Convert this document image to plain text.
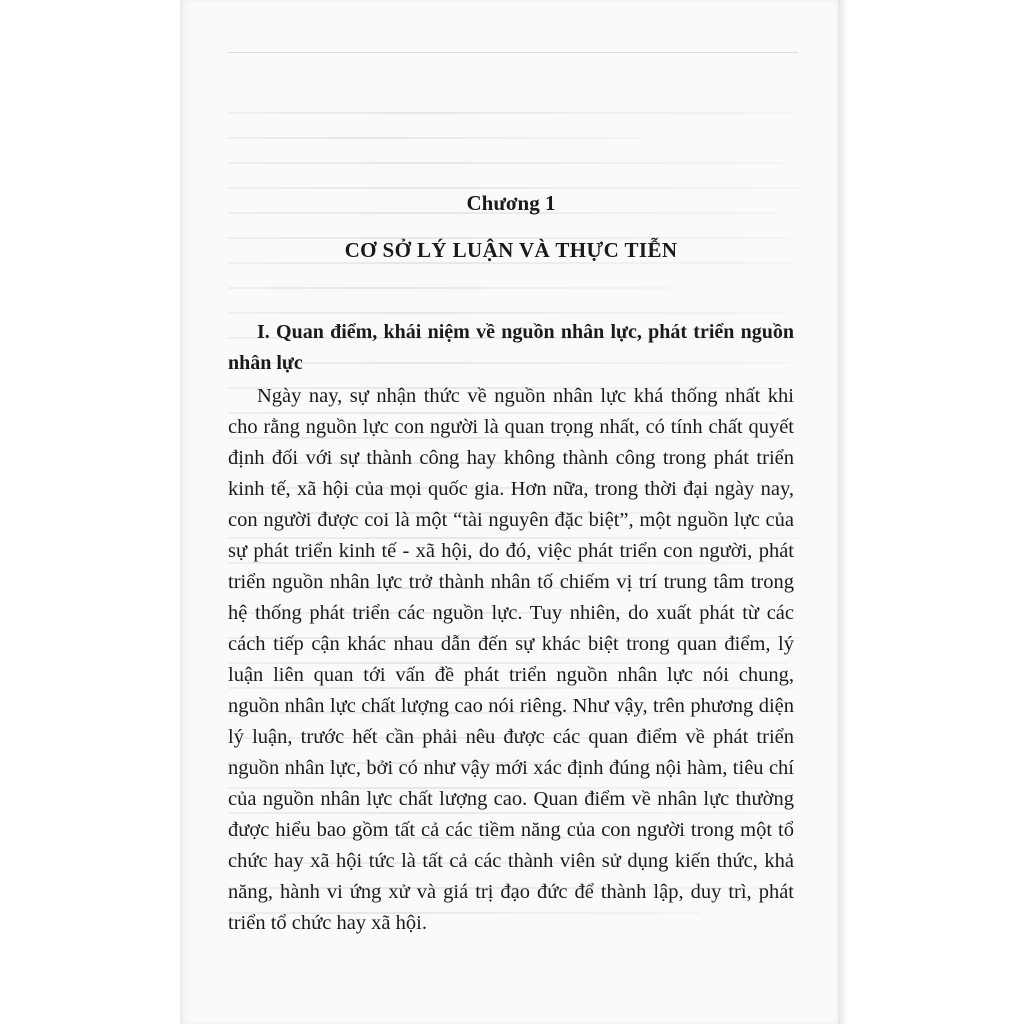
Chương 1
CƠ SỞ LÝ LUẬN VÀ THỰC TIỄN

I. Quan điểm, khái niệm về nguồn nhân lực, phát triển nguồn nhân lực

Ngày nay, sự nhận thức về nguồn nhân lực khá thống nhất khi cho rằng nguồn lực con người là quan trọng nhất, có tính chất quyết định đối với sự thành công hay không thành công trong phát triển kinh tế, xã hội của mọi quốc gia. Hơn nữa, trong thời đại ngày nay, con người được coi là một “tài nguyên đặc biệt”, một nguồn lực của sự phát triển kinh tế - xã hội, do đó, việc phát triển con người, phát triển nguồn nhân lực trở thành nhân tố chiếm vị trí trung tâm trong hệ thống phát triển các nguồn lực. Tuy nhiên, do xuất phát từ các cách tiếp cận khác nhau dẫn đến sự khác biệt trong quan điểm, lý luận liên quan tới vấn đề phát triển nguồn nhân lực nói chung, nguồn nhân lực chất lượng cao nói riêng. Như vậy, trên phương diện lý luận, trước hết cần phải nêu được các quan điểm về phát triển nguồn nhân lực, bởi có như vậy mới xác định đúng nội hàm, tiêu chí của nguồn nhân lực chất lượng cao. Quan điểm về nhân lực thường được hiểu bao gồm tất cả các tiềm năng của con người trong một tổ chức hay xã hội tức là tất cả các thành viên sử dụng kiến thức, khả năng, hành vi ứng xử và giá trị đạo đức để thành lập, duy trì, phát triển tổ chức hay xã hội.
